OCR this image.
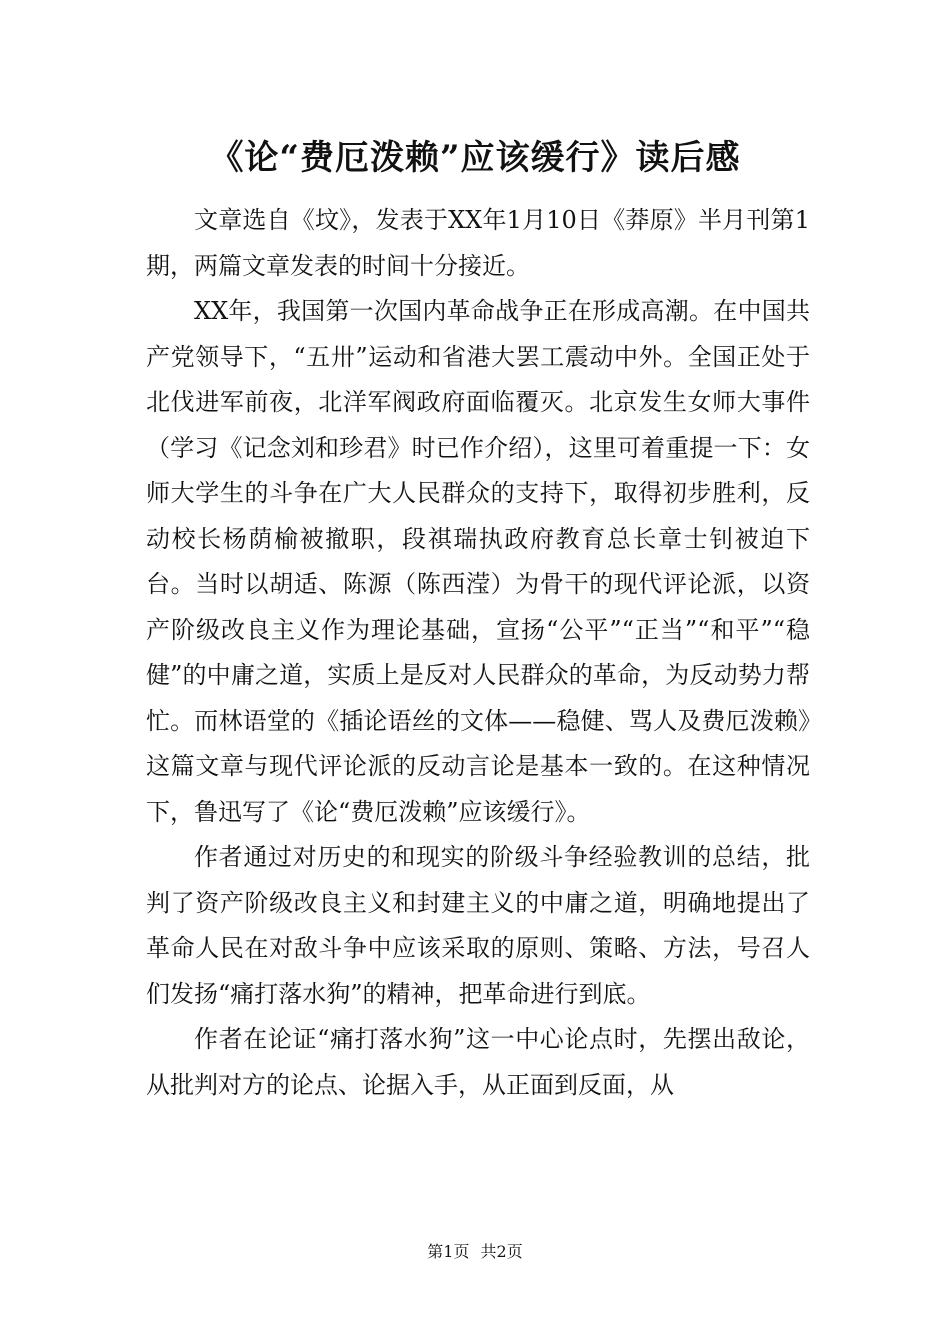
《论“费厄泼赖”应该缓行》读后感

文章选自《坟》，发表于XX年1月10日《莽原》半月刊第1期，两篇文章发表的时间十分接近。

XX年，我国第一次国内革命战争正在形成高潮。在中国共产党领导下，“五卅”运动和省港大罢工震动中外。全国正处于北伐进军前夜，北洋军阀政府面临覆灭。北京发生女师大事件（学习《记念刘和珍君》时已作介绍），这里可着重提一下：女师大学生的斗争在广大人民群众的支持下，取得初步胜利，反动校长杨荫榆被撤职，段祺瑞执政府教育总长章士钊被迫下台。当时以胡适、陈源（陈西滢）为骨干的现代评论派，以资产阶级改良主义作为理论基础，宣扬“公平”“正当”“和平”“稳健”的中庸之道，实质上是反对人民群众的革命，为反动势力帮忙。而林语堂的《插论语丝的文体——稳健、骂人及费厄泼赖》这篇文章与现代评论派的反动言论是基本一致的。在这种情况下，鲁迅写了《论“费厄泼赖”应该缓行》。

作者通过对历史的和现实的阶级斗争经验教训的总结，批判了资产阶级改良主义和封建主义的中庸之道，明确地提出了革命人民在对敌斗争中应该采取的原则、策略、方法，号召人们发扬“痛打落水狗”的精神，把革命进行到底。

作者在论证“痛打落水狗”这一中心论点时，先摆出敌论，从批判对方的论点、论据入手，从正面到反面，从

第1页 共2页
